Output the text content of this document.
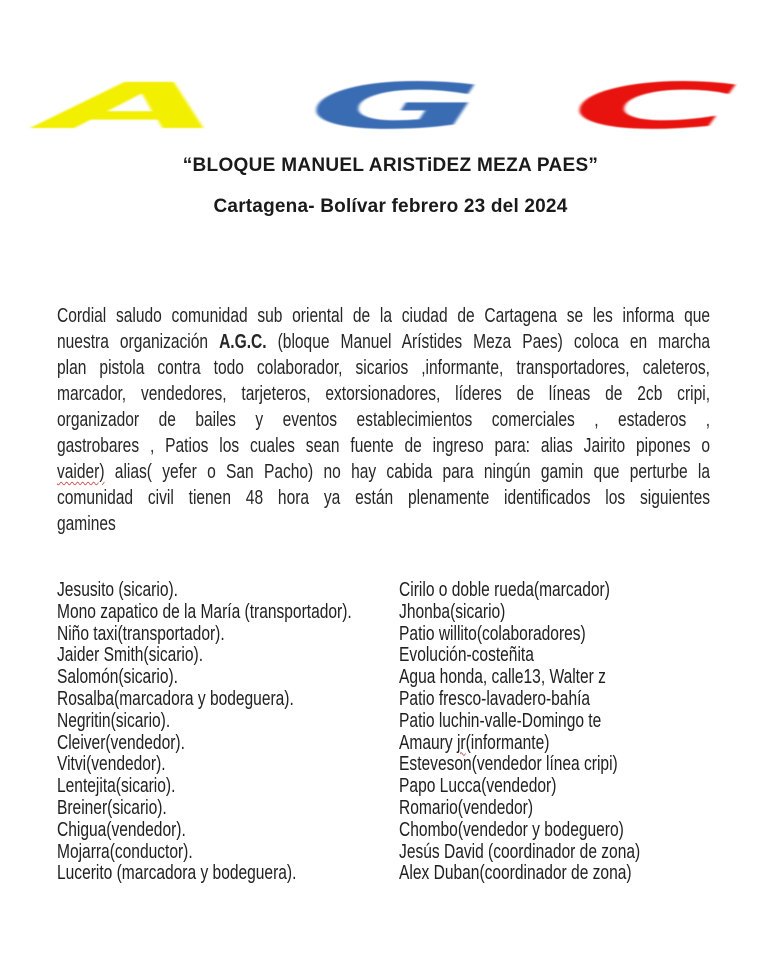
A G C
“BLOQUE MANUEL ARISTiDEZ MEZA PAES”
Cartagena- Bolívar febrero 23 del 2024
Cordial saludo comunidad sub oriental de la ciudad de Cartagena se les informa que
nuestra organización A.G.C. (bloque Manuel Arístides Meza Paes) coloca en marcha
plan pistola contra todo colaborador, sicarios ,informante, transportadores, caleteros,
marcador, vendedores, tarjeteros, extorsionadores, líderes de líneas de 2cb cripi,
organizador de bailes y eventos establecimientos comerciales , estaderos ,
gastrobares , Patios los cuales sean fuente de ingreso para: alias Jairito pipones o
vaider) alias( yefer o San Pacho) no hay cabida para ningún gamin que perturbe la
comunidad civil tienen 48 hora ya están plenamente identificados los siguientes
gamines
Jesusito (sicario).
Mono zapatico de la María (transportador).
Niño taxi(transportador).
Jaider Smith(sicario).
Salomón(sicario).
Rosalba(marcadora y bodeguera).
Negritin(sicario).
Cleiver(vendedor).
Vitvi(vendedor).
Lentejita(sicario).
Breiner(sicario).
Chigua(vendedor).
Mojarra(conductor).
Lucerito (marcadora y bodeguera).
Cirilo o doble rueda(marcador)
Jhonba(sicario)
Patio willito(colaboradores)
Evolución-costeñita
Agua honda, calle13, Walter z
Patio fresco-lavadero-bahía
Patio luchin-valle-Domingo te
Amaury jr(informante)
Esteveson(vendedor línea cripi)
Papo Lucca(vendedor)
Romario(vendedor)
Chombo(vendedor y bodeguero)
Jesús David (coordinador de zona)
Alex Duban(coordinador de zona)
